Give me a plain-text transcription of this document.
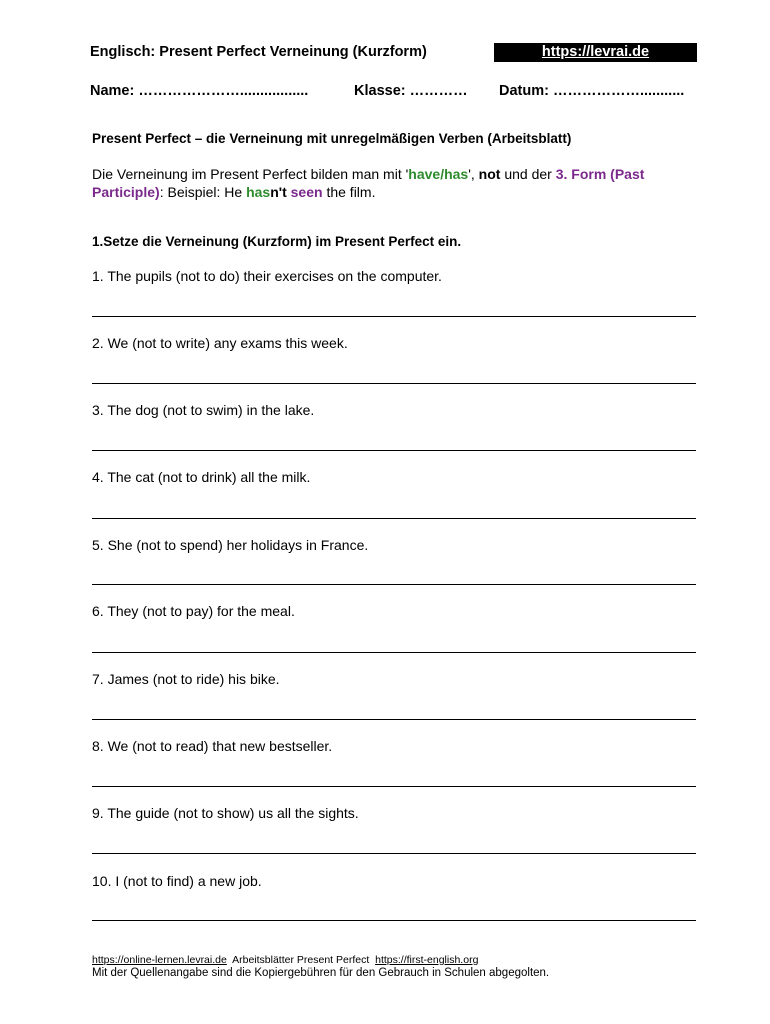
Englisch: Present Perfect Verneinung (Kurzform)	https://levrai.de
Name: ………………….................	Klasse: ………… Datum: ………………...........
Present Perfect – die Verneinung mit unregelmäßigen Verben (Arbeitsblatt)
Die Verneinung im Present Perfect bilden man mit 'have/has', not und der 3. Form (Past Participle): Beispiel: He hasn't seen the film.
1.Setze die Verneinung (Kurzform) im Present Perfect ein.
1. The pupils (not to do) their exercises on the computer.
2. We (not to write) any exams this week.
3. The dog (not to swim) in the lake.
4. The cat (not to drink) all the milk.
5. She (not to spend) her holidays in France.
6. They (not to pay) for the meal.
7. James (not to ride) his bike.
8. We (not to read) that new bestseller.
9. The guide (not to show) us all the sights.
10. I (not to find) a new job.
https://online-lernen.levrai.de Arbeitsblätter Present Perfect https://first-english.org
Mit der Quellenangabe sind die Kopiergebühren für den Gebrauch in Schulen abgegolten.
